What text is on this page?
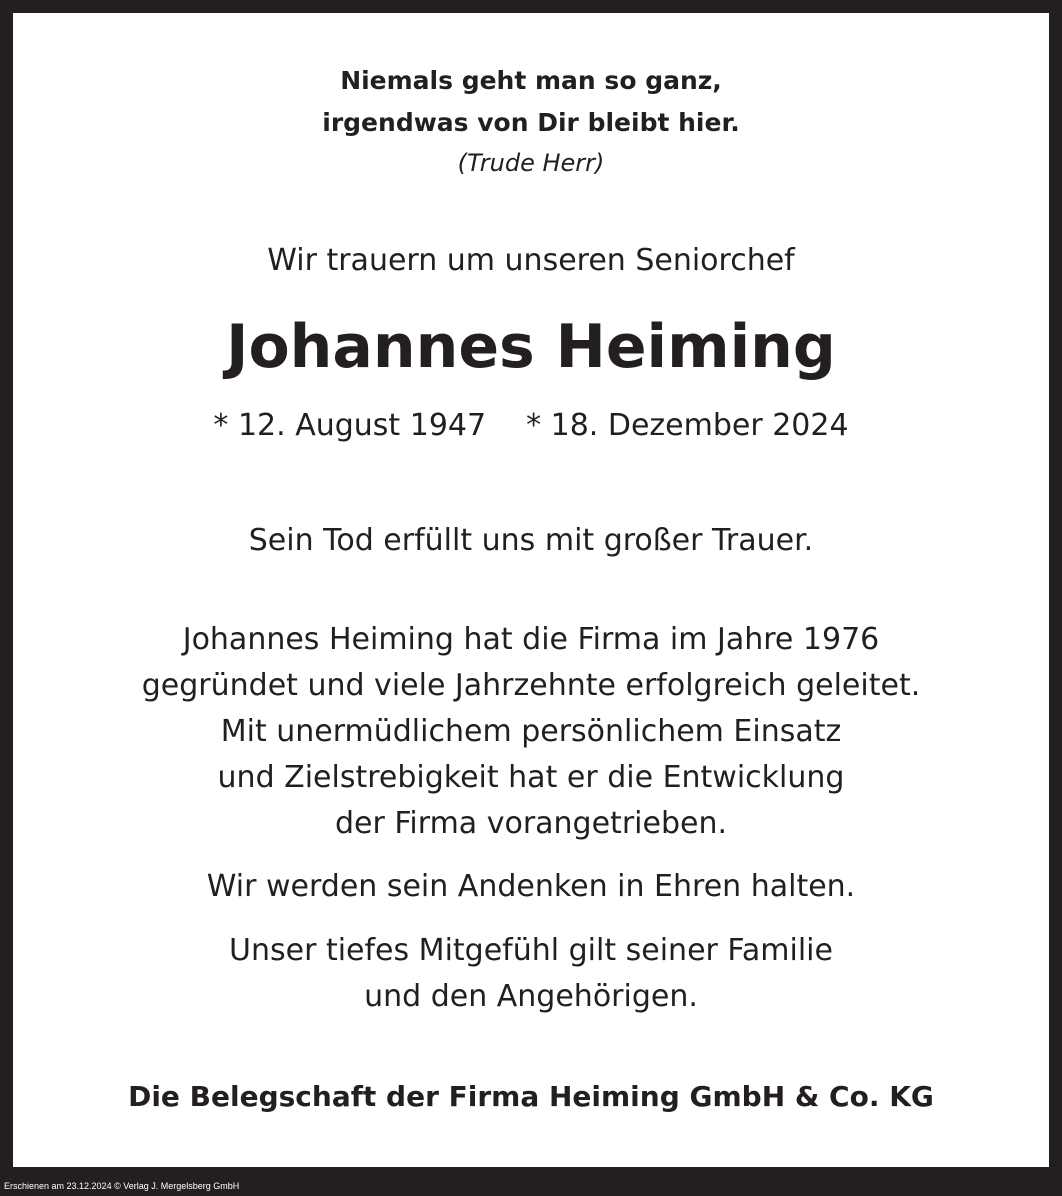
Niemals geht man so ganz,
irgendwas von Dir bleibt hier.
(Trude Herr)
Wir trauern um unseren Seniorchef
Johannes Heiming
* 12. August 1947 * 18. Dezember 2024
Sein Tod erfüllt uns mit großer Trauer.
Johannes Heiming hat die Firma im Jahre 1976
gegründet und viele Jahrzehnte erfolgreich geleitet.
Mit unermüdlichem persönlichem Einsatz
und Zielstrebigkeit hat er die Entwicklung
der Firma vorangetrieben.
Wir werden sein Andenken in Ehren halten.
Unser tiefes Mitgefühl gilt seiner Familie
und den Angehörigen.
Die Belegschaft der Firma Heiming GmbH & Co. KG
Erschienen am 23.12.2024 © Verlag J. Mergelsberg GmbH
